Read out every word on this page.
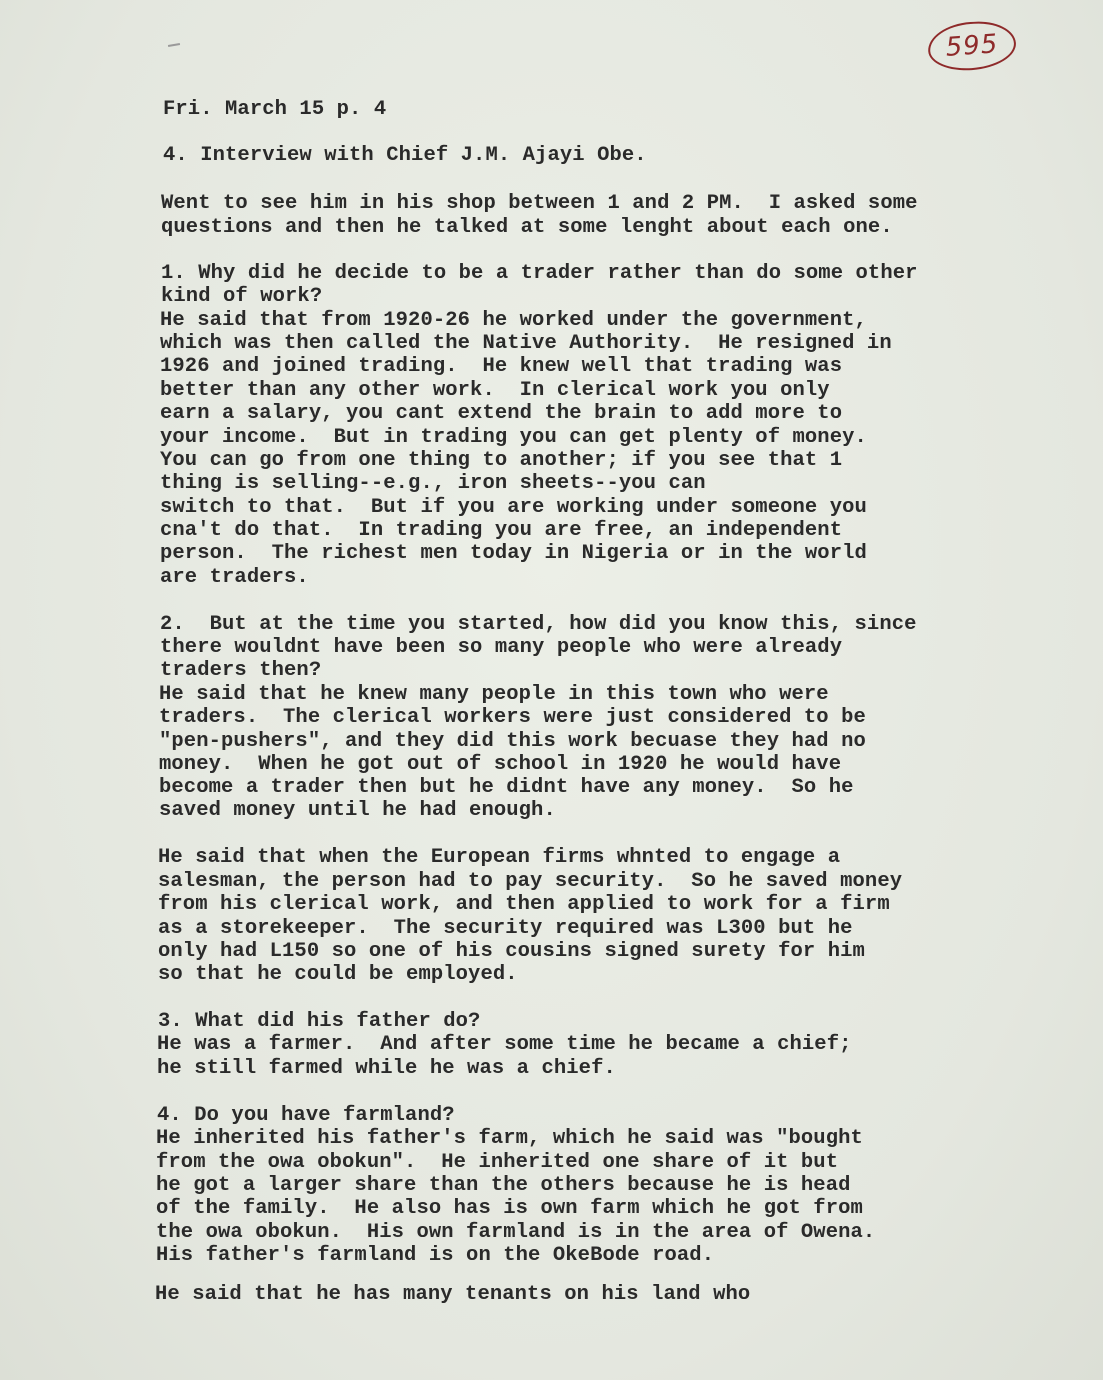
595
Fri. March 15 p. 4
4. Interview with Chief J.M. Ajayi Obe.
Went to see him in his shop between 1 and 2 PM.  I asked some
questions and then he talked at some lenght about each one.
1. Why did he decide to be a trader rather than do some other
kind of work?
He said that from 1920-26 he worked under the government,
which was then called the Native Authority.  He resigned in
1926 and joined trading.  He knew well that trading was
better than any other work.  In clerical work you only
earn a salary, you cant extend the brain to add more to
your income.  But in trading you can get plenty of money.
You can go from one thing to another; if you see that 1
thing is selling--e.g., iron sheets--you can
switch to that.  But if you are working under someone you
cna't do that.  In trading you are free, an independent
person.  The richest men today in Nigeria or in the world
are traders.
2.  But at the time you started, how did you know this, since
there wouldnt have been so many people who were already
traders then?
He said that he knew many people in this town who were
traders.  The clerical workers were just considered to be
"pen-pushers", and they did this work becuase they had no
money.  When he got out of school in 1920 he would have
become a trader then but he didnt have any money.  So he
saved money until he had enough.
He said that when the European firms whnted to engage a
salesman, the person had to pay security.  So he saved money
from his clerical work, and then applied to work for a firm
as a storekeeper.  The security required was L300 but he
only had L150 so one of his cousins signed surety for him
so that he could be employed.
3. What did his father do?
He was a farmer.  And after some time he became a chief;
he still farmed while he was a chief.
4. Do you have farmland?
He inherited his father's farm, which he said was "bought
from the owa obokun".  He inherited one share of it but
he got a larger share than the others because he is head
of the family.  He also has is own farm which he got from
the owa obokun.  His own farmland is in the area of Owena.
His father's farmland is on the OkeBode road.
He said that he has many tenants on his land who
